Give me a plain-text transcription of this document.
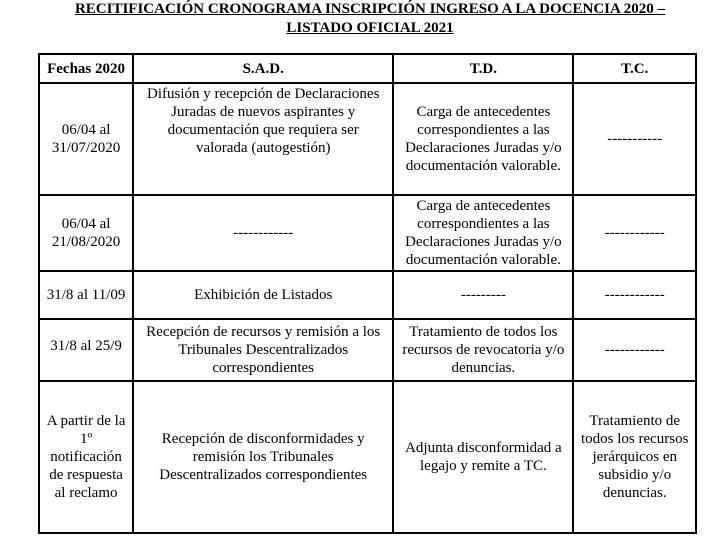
RECITIFICACIÓN CRONOGRAMA INSCRIPCIÓN INGRESO A LA DOCENCIA 2020 –
LISTADO OFICIAL 2021
Fechas 2020	S.A.D.	T.D.	T.C.

06/04 al
31/07/2020	Difusión y recepción de Declaraciones
Juradas de nuevos aspirantes y
documentación que requiera ser
valorada (autogestión)	Carga de antecedentes
correspondientes a las
Declaraciones Juradas y/o
documentación valorable.	-----------

06/04 al
21/08/2020	------------	Carga de antecedentes
correspondientes a las
Declaraciones Juradas y/o
documentación valorable.	------------

31/8 al 11/09	Exhibición de Listados	---------	------------

31/8 al 25/9	Recepción de recursos y remisión a los
Tribunales Descentralizados
correspondientes	Tratamiento de todos los
recursos de revocatoria y/o
denuncias.	------------

A partir de la
1º
notificación
de respuesta
al reclamo	Recepción de disconformidades y
remisión los Tribunales
Descentralizados correspondientes	Adjunta disconformidad a
legajo y remite a TC.	Tratamiento de
todos los recursos
jerárquicos en
subsidio y/o
denuncias.
